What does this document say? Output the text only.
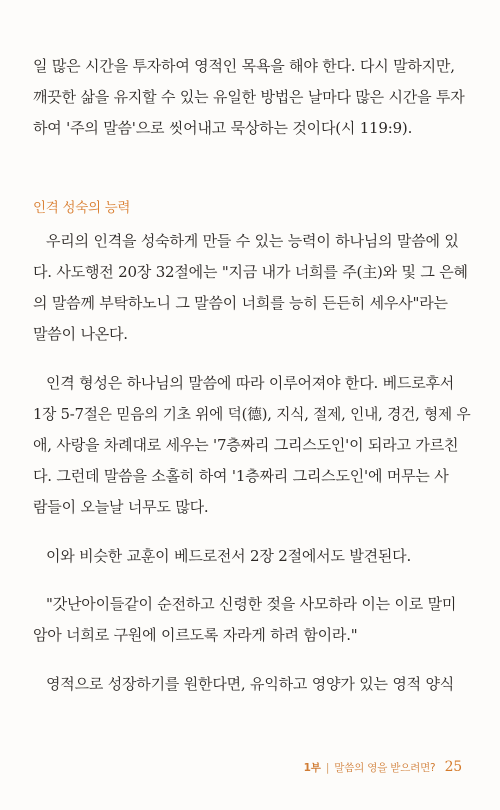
일 많은 시간을 투자하여 영적인 목욕을 해야 한다. 다시 말하지만,
깨끗한 삶을 유지할 수 있는 유일한 방법은 날마다 많은 시간을 투자
하여 '주의 말씀'으로 씻어내고 묵상하는 것이다(시 119:9).
인격 성숙의 능력
우리의 인격을 성숙하게 만들 수 있는 능력이 하나님의 말씀에 있
다. 사도행전 20장 32절에는 "지금 내가 너희를 주(主)와 및 그 은혜
의 말씀께 부탁하노니 그 말씀이 너희를 능히 든든히 세우사"라는
말씀이 나온다.
인격 형성은 하나님의 말씀에 따라 이루어져야 한다. 베드로후서
1장 5-7절은 믿음의 기초 위에 덕(德), 지식, 절제, 인내, 경건, 형제 우
애, 사랑을 차례대로 세우는 '7층짜리 그리스도인'이 되라고 가르친
다. 그런데 말씀을 소홀히 하여 '1층짜리 그리스도인'에 머무는 사
람들이 오늘날 너무도 많다.
이와 비슷한 교훈이 베드로전서 2장 2절에서도 발견된다.
"갓난아이들같이 순전하고 신령한 젖을 사모하라 이는 이로 말미
암아 너희로 구원에 이르도록 자라게 하려 함이라."
영적으로 성장하기를 원한다면, 유익하고 영양가 있는 영적 양식
1부 | 말씀의 영을 받으려면? 25
